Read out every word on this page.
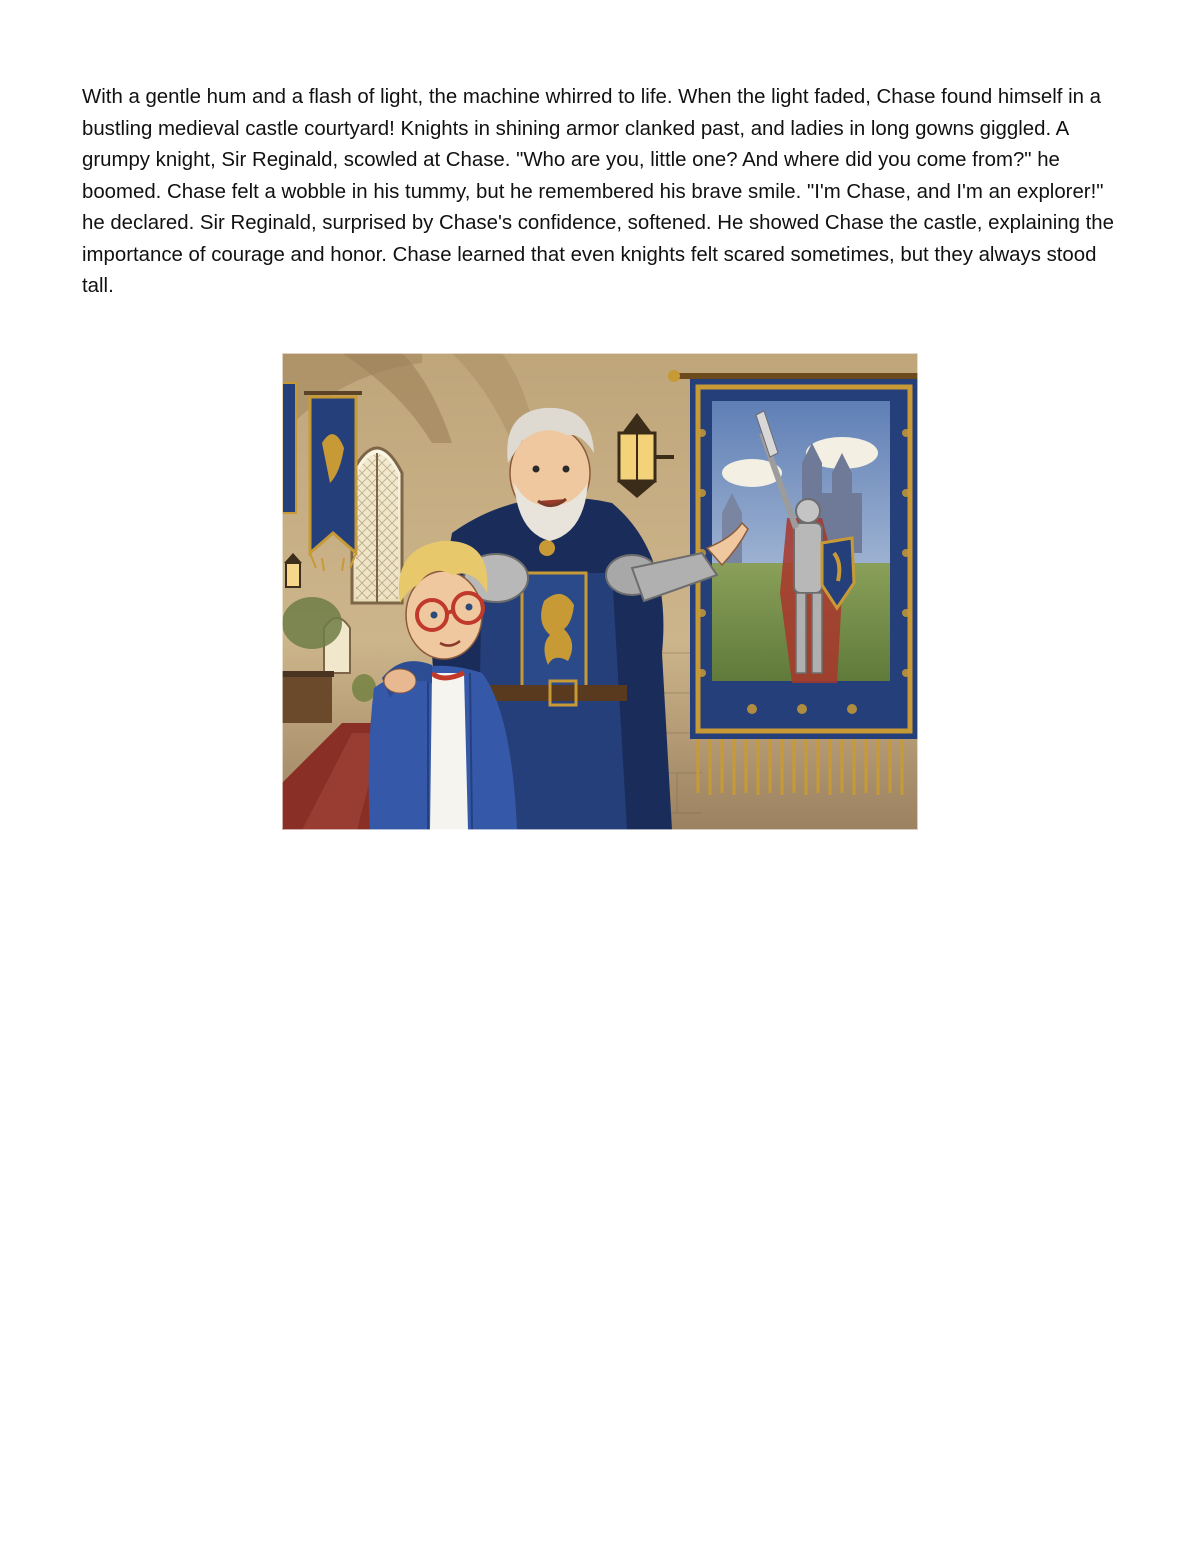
With a gentle hum and a flash of light, the machine whirred to life. When the light faded, Chase found himself in a bustling medieval castle courtyard! Knights in shining armor clanked past, and ladies in long gowns giggled. A grumpy knight, Sir Reginald, scowled at Chase. "Who are you, little one? And where did you come from?" he boomed. Chase felt a wobble in his tummy, but he remembered his brave smile. "I'm Chase, and I'm an explorer!" he declared. Sir Reginald, surprised by Chase's confidence, softened. He showed Chase the castle, explaining the importance of courage and honor. Chase learned that even knights felt scared sometimes, but they always stood tall.
